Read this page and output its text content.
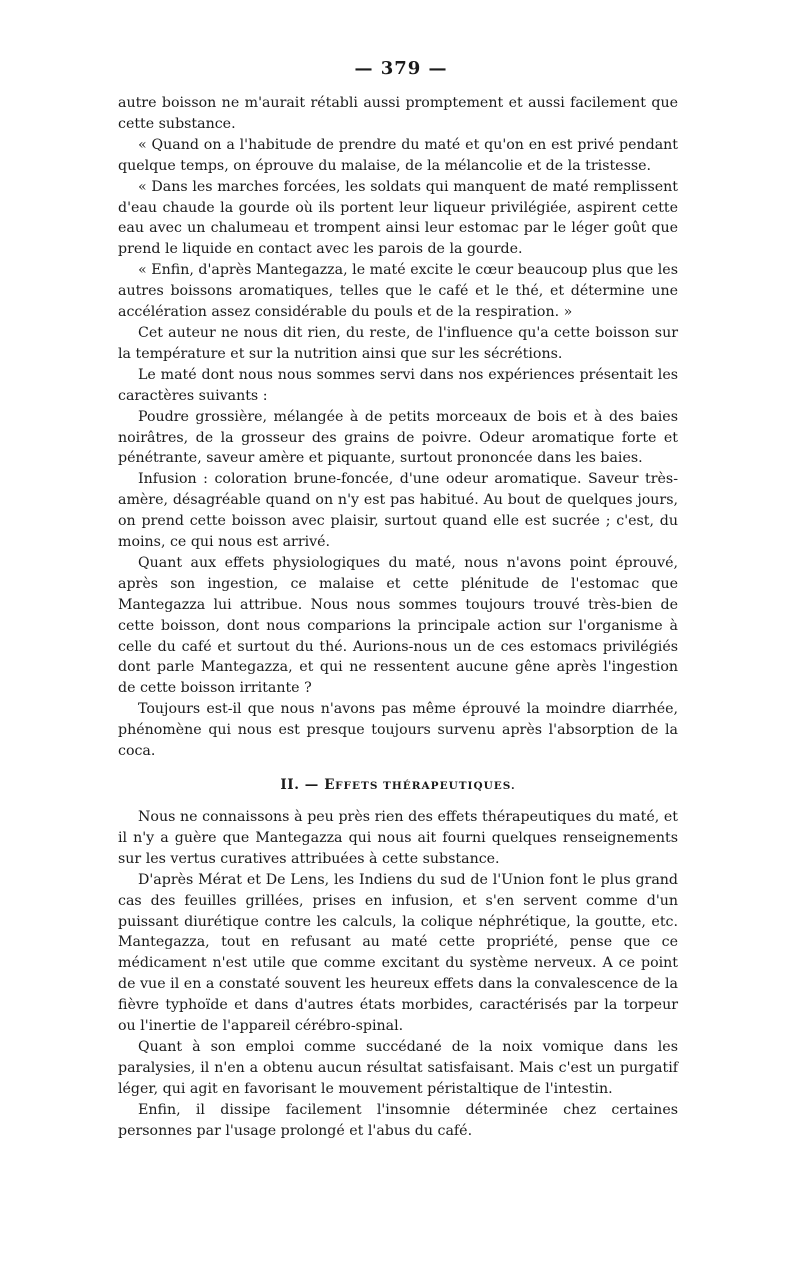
— 379 —

autre boisson ne m'aurait rétabli aussi promptement et aussi facilement que cette substance.

« Quand on a l'habitude de prendre du maté et qu'on en est privé pendant quelque temps, on éprouve du malaise, de la mélancolie et de la tristesse.

« Dans les marches forcées, les soldats qui manquent de maté remplissent d'eau chaude la gourde où ils portent leur liqueur privilégiée, aspirent cette eau avec un chalumeau et trompent ainsi leur estomac par le léger goût que prend le liquide en contact avec les parois de la gourde.

« Enfin, d'après Mantegazza, le maté excite le cœur beaucoup plus que les autres boissons aromatiques, telles que le café et le thé, et détermine une accélération assez considérable du pouls et de la respiration. »

Cet auteur ne nous dit rien, du reste, de l'influence qu'a cette boisson sur la température et sur la nutrition ainsi que sur les sécrétions.

Le maté dont nous nous sommes servi dans nos expériences présentait les caractères suivants :

Poudre grossière, mélangée à de petits morceaux de bois et à des baies noirâtres, de la grosseur des grains de poivre. Odeur aromatique forte et pénétrante, saveur amère et piquante, surtout prononcée dans les baies.

Infusion : coloration brune-foncée, d'une odeur aromatique. Saveur très-amère, désagréable quand on n'y est pas habitué. Au bout de quelques jours, on prend cette boisson avec plaisir, surtout quand elle est sucrée ; c'est, du moins, ce qui nous est arrivé.

Quant aux effets physiologiques du maté, nous n'avons point éprouvé, après son ingestion, ce malaise et cette plénitude de l'estomac que Mantegazza lui attribue. Nous nous sommes toujours trouvé très-bien de cette boisson, dont nous comparions la principale action sur l'organisme à celle du café et surtout du thé. Aurions-nous un de ces estomacs privilégiés dont parle Mantegazza, et qui ne ressentent aucune gêne après l'ingestion de cette boisson irritante ?

Toujours est-il que nous n'avons pas même éprouvé la moindre diarrhée, phénomène qui nous est presque toujours survenu après l'absorption de la coca.

II. — EFFETS THÉRAPEUTIQUES.

Nous ne connaissons à peu près rien des effets thérapeutiques du maté, et il n'y a guère que Mantegazza qui nous ait fourni quelques renseignements sur les vertus curatives attribuées à cette substance.

D'après Mérat et De Lens, les Indiens du sud de l'Union font le plus grand cas des feuilles grillées, prises en infusion, et s'en servent comme d'un puissant diurétique contre les calculs, la colique néphrétique, la goutte, etc. Mantegazza, tout en refusant au maté cette propriété, pense que ce médicament n'est utile que comme excitant du système nerveux. A ce point de vue il en a constaté souvent les heureux effets dans la convalescence de la fièvre typhoïde et dans d'autres états morbides, caractérisés par la torpeur ou l'inertie de l'appareil cérébro-spinal.

Quant à son emploi comme succédané de la noix vomique dans les paralysies, il n'en a obtenu aucun résultat satisfaisant. Mais c'est un purgatif léger, qui agit en favorisant le mouvement péristaltique de l'intestin.

Enfin, il dissipe facilement l'insomnie déterminée chez certaines personnes par l'usage prolongé et l'abus du café.
